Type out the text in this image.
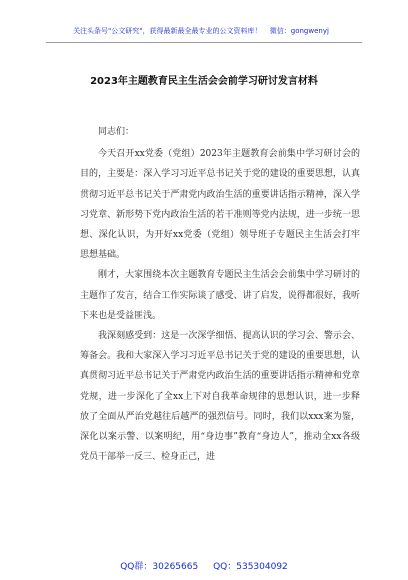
关注头条号"公文研究"，获得最新最全最专业的公文资料库！ 微信：gongwenyj
2023年主题教育民主生活会会前学习研讨发言材料

同志们：

今天召开xx党委（党组）2023年主题教育会前集中学习研讨会的目的，主要是：深入学习习近平总书记关于党的建设的重要思想，认真贯彻习近平总书记关于严肃党内政治生活的重要讲话指示精神，深入学习党章、新形势下党内政治生活的若干准则等党内法规，进一步统一思想、深化认识，为开好xx党委（党组）领导班子专题民主生活会打牢思想基础。

刚才，大家围绕本次主题教育专题民主生活会会前集中学习研讨的主题作了发言，结合工作实际谈了感受、讲了启发，说得都很好，我听下来也是受益匪浅。

我深刻感受到：这是一次深学细悟、提高认识的学习会、警示会、筹备会。我和大家深入学习习近平总书记关于党的建设的重要思想，认真贯彻习近平总书记关于严肃党内政治生活的重要讲话指示精神和党章党规，进一步深化了全xx上下对自我革命规律的思想认识，进一步释放了全面从严治党越往后越严的强烈信号。同时，我们以xxx案为鉴，深化以案示警、以案明纪，用“身边事”教育“身边人”，推动全xx各级党员干部举一反三、检身正己，进

QQ群：30265665 QQ：535304092
